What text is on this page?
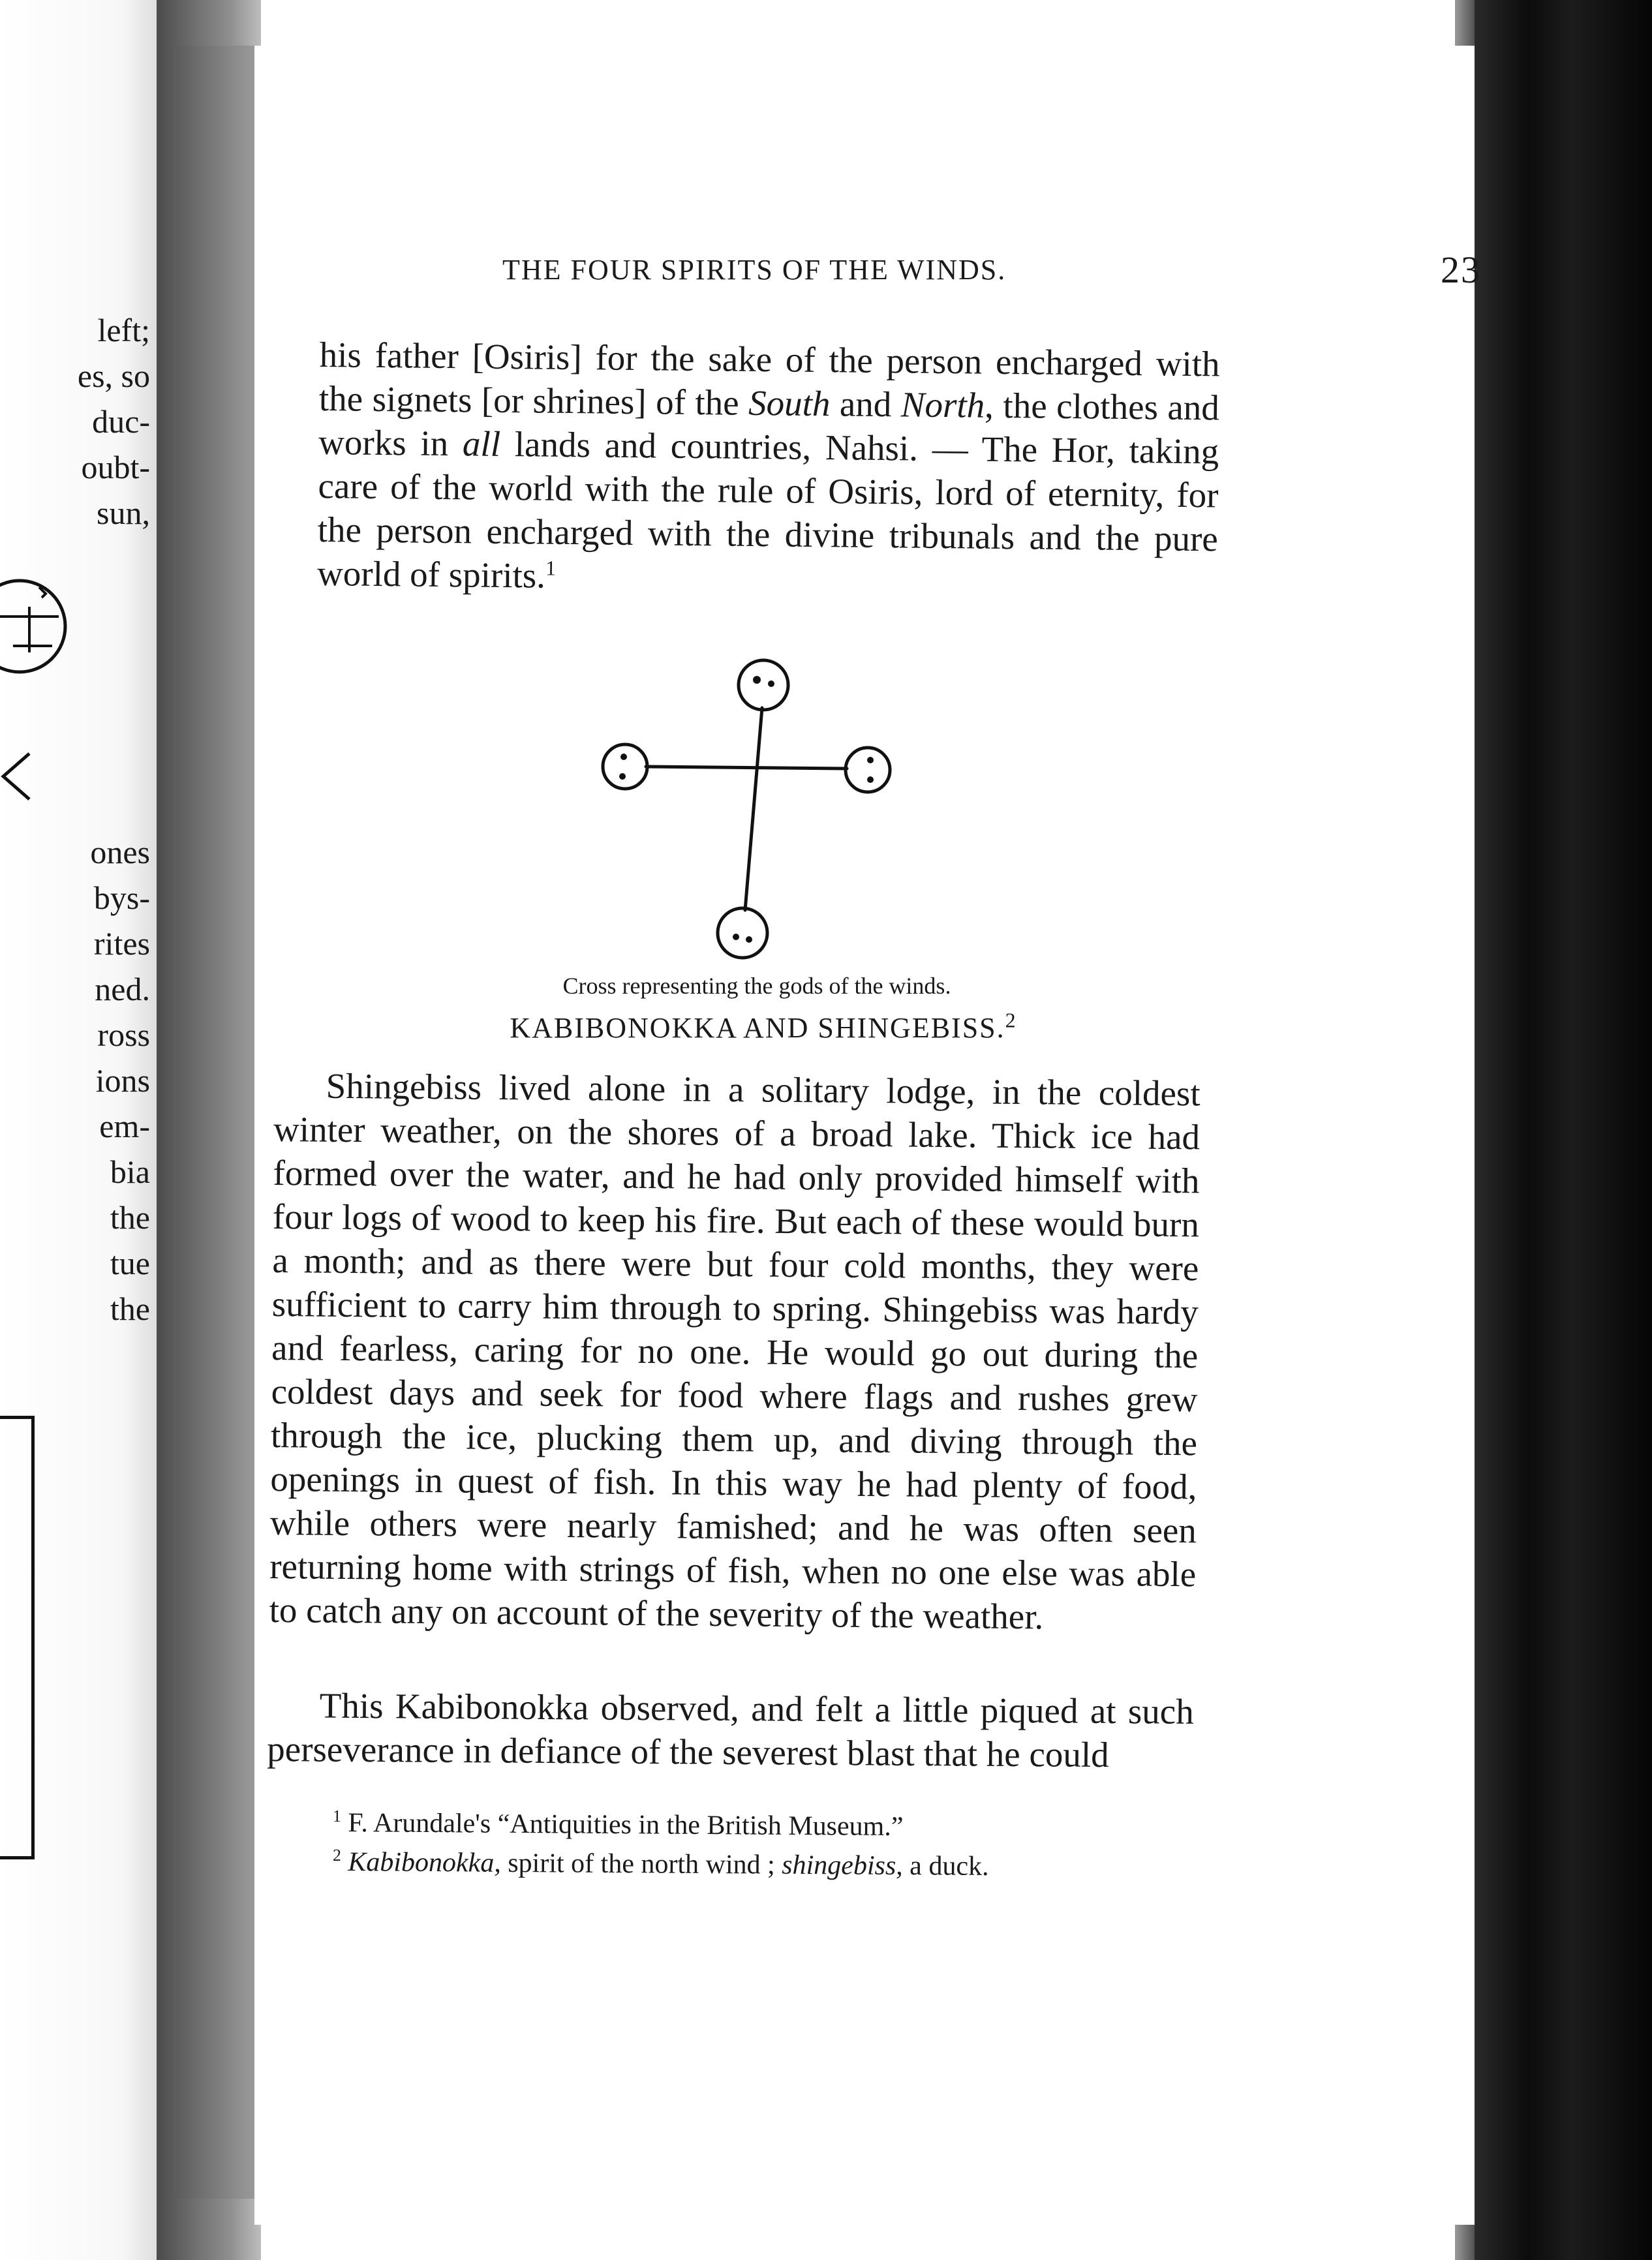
left;
es, so
duc-
oubt-
sun,
ones
bys-
rites
ned.
ross
ions
em-
bia
the
tue
the
THE FOUR SPIRITS OF THE WINDS.	23
his father [Osiris] for the sake of the person encharged with the signets [or shrines] of the South and North, the clothes and works in all lands and countries, Nahsi. — The Hor, taking care of the world with the rule of Osiris, lord of eternity, for the person encharged with the divine tribunals and the pure world of spirits.$^1$
Cross representing the gods of the winds.
KABIBONOKKA AND SHINGEBISS.$^2$
Shingebiss lived alone in a solitary lodge, in the coldest winter weather, on the shores of a broad lake. Thick ice had formed over the water, and he had only provided himself with four logs of wood to keep his fire. But each of these would burn a month; and as there were but four cold months, they were sufficient to carry him through to spring. Shingebiss was hardy and fearless, caring for no one. He would go out during the coldest days and seek for food where flags and rushes grew through the ice, plucking them up, and diving through the openings in quest of fish. In this way he had plenty of food, while others were nearly famished; and he was often seen returning home with strings of fish, when no one else was able to catch any on account of the severity of the weather.
This Kabibonokka observed, and felt a little piqued at such perseverance in defiance of the severest blast that he could
$^1$ F. Arundale's “Antiquities in the British Museum.”
$^2$ Kabibonokka, spirit of the north wind ; shingebiss, a duck.
